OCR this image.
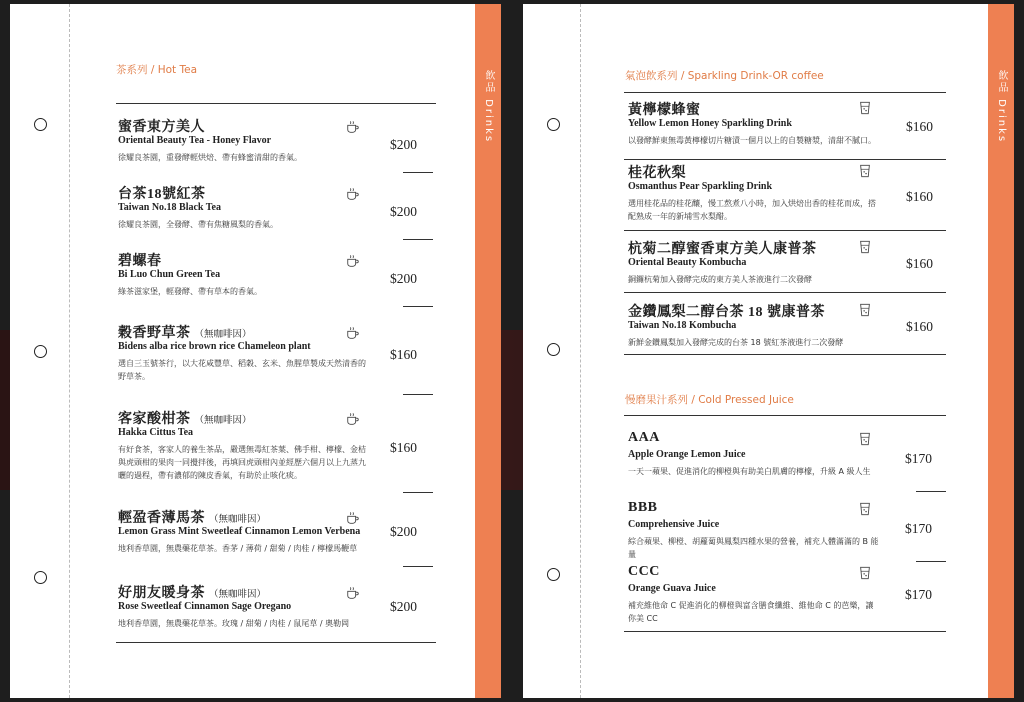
茶系列 / Hot Tea
蜜香東方美人
Oriental Beauty Tea - Honey Flavor
徐耀良茶園，重發酵輕烘焙、帶有蜂蜜清甜的香氣。
$200
台茶18號紅茶
Taiwan No.18 Black Tea
徐耀良茶園，全發酵、帶有焦糖風梨的香氣。
$200
碧螺春
Bi Luo Chun Green Tea
綠茶滋家堡，輕發酵、帶有草本的香氣。
$200
穀香野草茶 （無咖啡因）
Bidens alba rice brown rice Chameleon plant
選自三玉號茶行，以大花咸豐草、稻穀、玄米、魚腥草製成天然清香的野草茶。
$160
客家酸柑茶 （無咖啡因）
Hakka Cittus Tea
有好食茶，客家人的養生茶品，嚴選無毒紅茶葉、佛手柑、檸檬、金桔與虎頭柑的果肉一同攪拌後，再填回虎頭柑內並經歷六個月以上九蒸九曬的過程，帶有濃郁的陳皮香氣，有助於止咳化痰。
$160
輕盈香薄馬茶 （無咖啡因）
Lemon Grass Mint Sweetleaf Cinnamon Lemon Verbena
地利香草園，無農藥花草茶。香茅 / 薄荷 / 甜菊 / 肉桂 / 檸檬馬鞭草
$200
好朋友暖身茶 （無咖啡因）
Rose Sweetleaf Cinnamon Sage Oregano
地利香草園，無農藥花草茶。玫瑰 / 甜菊 / 肉桂 / 鼠尾草 / 奧勒岡
$200
飲品 Drinks	氣泡飲系列 / Sparkling Drink-OR coffee
黃檸檬蜂蜜
Yellow Lemon Honey Sparkling Drink
以發酵鮮東無毒黃檸檬切片糖漬一個月以上的自製糖漿，清甜不膩口。
$160
桂花秋梨
Osmanthus Pear Sparkling Drink
選用桂花品的桂花釀，慢工熬煮八小時，加入烘焙出香的桂花而成，搭配熟成一年的新埔雪水梨醋。
$160
杭菊二醇蜜香東方美人康普茶
Oriental Beauty Kombucha
銅鑼杭菊加入發酵完成的東方美人茶液進行二次發酵
$160
金鑽鳳梨二醇台茶 18 號康普茶
Taiwan No.18 Kombucha
新鮮金鑽鳳梨加入發酵完成的台茶 18 號紅茶液進行二次發酵
$160
慢磨果汁系列 / Cold Pressed Juice
AAA
Apple Orange Lemon Juice
一天一蘋果、促進消化的柳橙與有助美白肌膚的檸檬，升級 A 級人生
$170
BBB
Comprehensive Juice
綜合蘋果、柳橙、胡蘿蔔與鳳梨四種水果的營養，補充人體滿滿的 B 能量
$170
CCC
Orange Guava Juice
補充維他命 C 促進消化的柳橙與富含膳食纖維、維他命 C 的芭樂，讓你美 CC
$170
飲品 Drinks
